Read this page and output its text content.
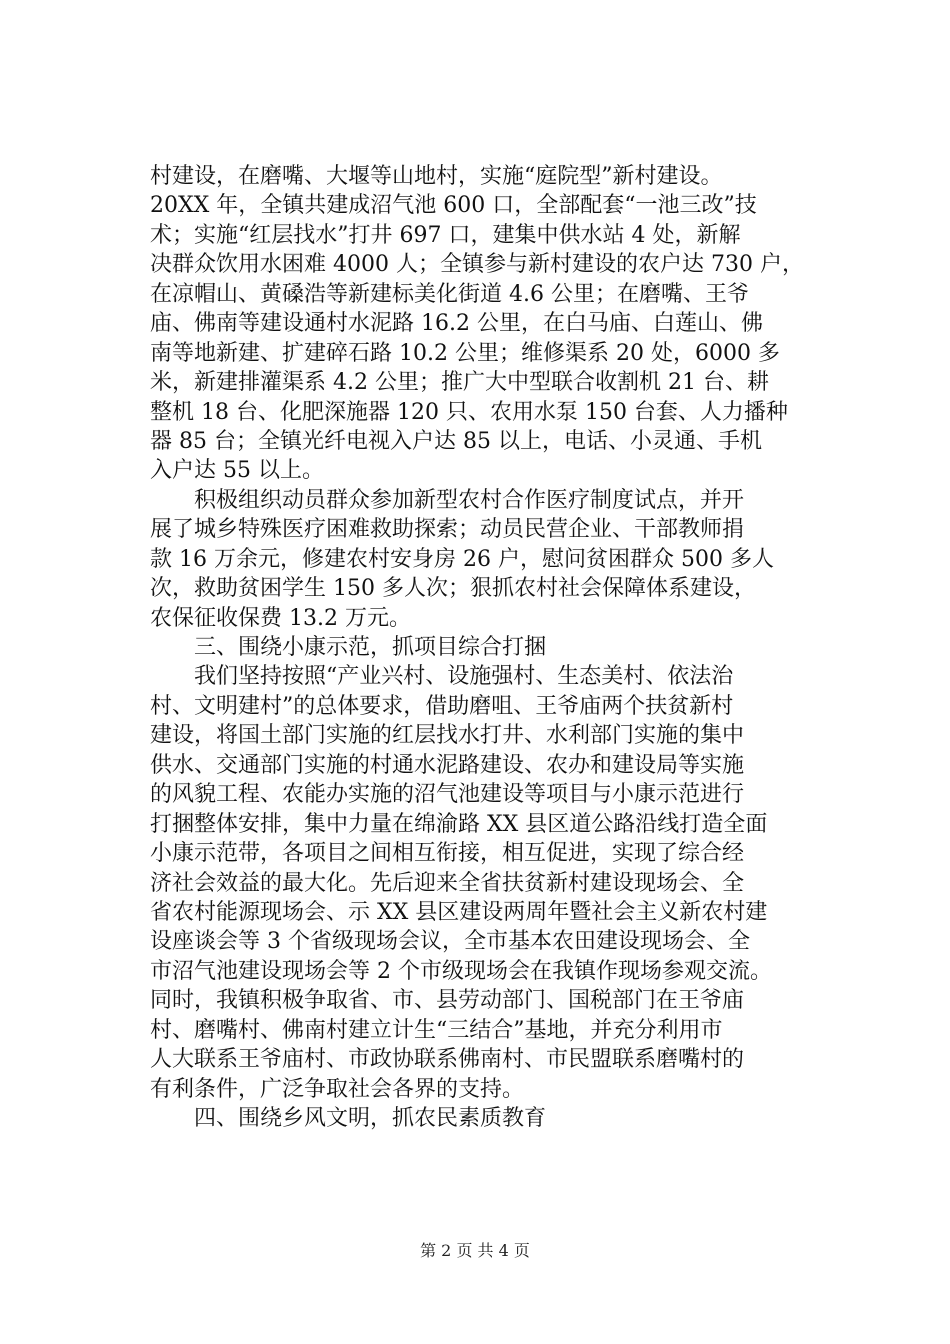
村建设，在磨嘴、大堰等山地村，实施“庭院型”新村建设。
20XX 年，全镇共建成沼气池 600 口，全部配套“一池三改”技
术；实施“红层找水”打井 697 口，建集中供水站 4 处，新解
决群众饮用水困难 4000 人；全镇参与新村建设的农户达 730 户，
在凉帽山、黄磉浩等新建标美化街道 4.6 公里；在磨嘴、王爷
庙、佛南等建设通村水泥路 16.2 公里，在白马庙、白莲山、佛
南等地新建、扩建碎石路 10.2 公里；维修渠系 20 处，6000 多
米，新建排灌渠系 4.2 公里；推广大中型联合收割机 21 台、耕
整机 18 台、化肥深施器 120 只、农用水泵 150 台套、人力播种
器 85 台；全镇光纤电视入户达 85 以上，电话、小灵通、手机
入户达 55 以上。
积极组织动员群众参加新型农村合作医疗制度试点，并开
展了城乡特殊医疗困难救助探索；动员民营企业、干部教师捐
款 16 万余元，修建农村安身房 26 户，慰问贫困群众 500 多人
次，救助贫困学生 150 多人次；狠抓农村社会保障体系建设，
农保征收保费 13.2 万元。
三、围绕小康示范，抓项目综合打捆
我们坚持按照“产业兴村、设施强村、生态美村、依法治
村、文明建村”的总体要求，借助磨咀、王爷庙两个扶贫新村
建设，将国土部门实施的红层找水打井、水利部门实施的集中
供水、交通部门实施的村通水泥路建设、农办和建设局等实施
的风貌工程、农能办实施的沼气池建设等项目与小康示范进行
打捆整体安排，集中力量在绵渝路 XX 县区道公路沿线打造全面
小康示范带，各项目之间相互衔接，相互促进，实现了综合经
济社会效益的最大化。先后迎来全省扶贫新村建设现场会、全
省农村能源现场会、示 XX 县区建设两周年暨社会主义新农村建
设座谈会等 3 个省级现场会议，全市基本农田建设现场会、全
市沼气池建设现场会等 2 个市级现场会在我镇作现场参观交流。
同时，我镇积极争取省、市、县劳动部门、国税部门在王爷庙
村、磨嘴村、佛南村建立计生“三结合”基地，并充分利用市
人大联系王爷庙村、市政协联系佛南村、市民盟联系磨嘴村的
有利条件，广泛争取社会各界的支持。
四、围绕乡风文明，抓农民素质教育
第 2 页 共 4 页
